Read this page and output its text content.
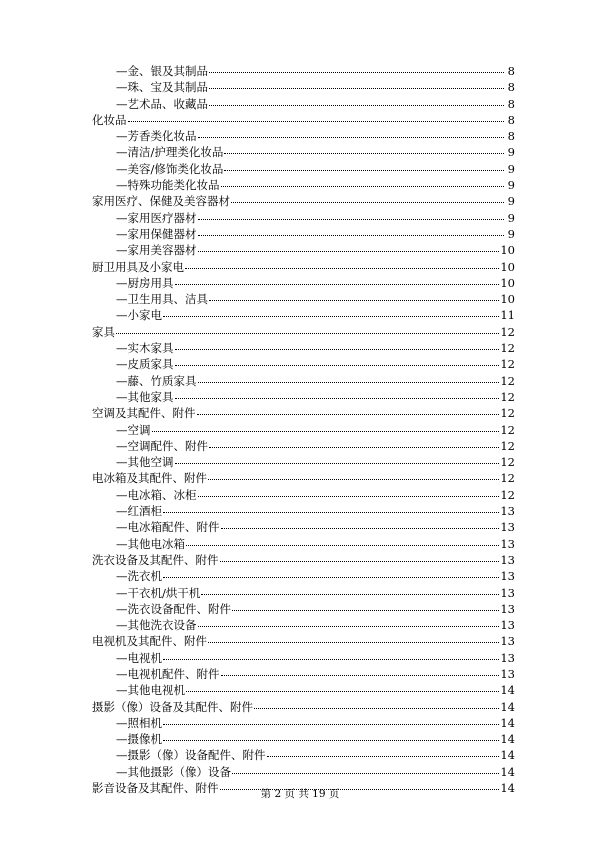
—金、银及其制品	8
—珠、宝及其制品	8
—艺术品、收藏品	8
化妆品	8
—芳香类化妆品	8
—清洁/护理类化妆品	9
—美容/修饰类化妆品	9
—特殊功能类化妆品	9
家用医疗、保健及美容器材	9
—家用医疗器材	9
—家用保健器材	9
—家用美容器材	10
厨卫用具及小家电	10
—厨房用具	10
—卫生用具、洁具	10
—小家电	11
家具	12
—实木家具	12
—皮质家具	12
—藤、竹质家具	12
—其他家具	12
空调及其配件、附件	12
—空调	12
—空调配件、附件	12
—其他空调	12
电冰箱及其配件、附件	12
—电冰箱、冰柜	12
—红酒柜	13
—电冰箱配件、附件	13
—其他电冰箱	13
洗衣设备及其配件、附件	13
—洗衣机	13
—干衣机/烘干机	13
—洗衣设备配件、附件	13
—其他洗衣设备	13
电视机及其配件、附件	13
—电视机	13
—电视机配件、附件	13
—其他电视机	14
摄影（像）设备及其配件、附件	14
—照相机	14
—摄像机	14
—摄影（像）设备配件、附件	14
—其他摄影（像）设备	14
影音设备及其配件、附件	14
第 2 页 共 19 页
